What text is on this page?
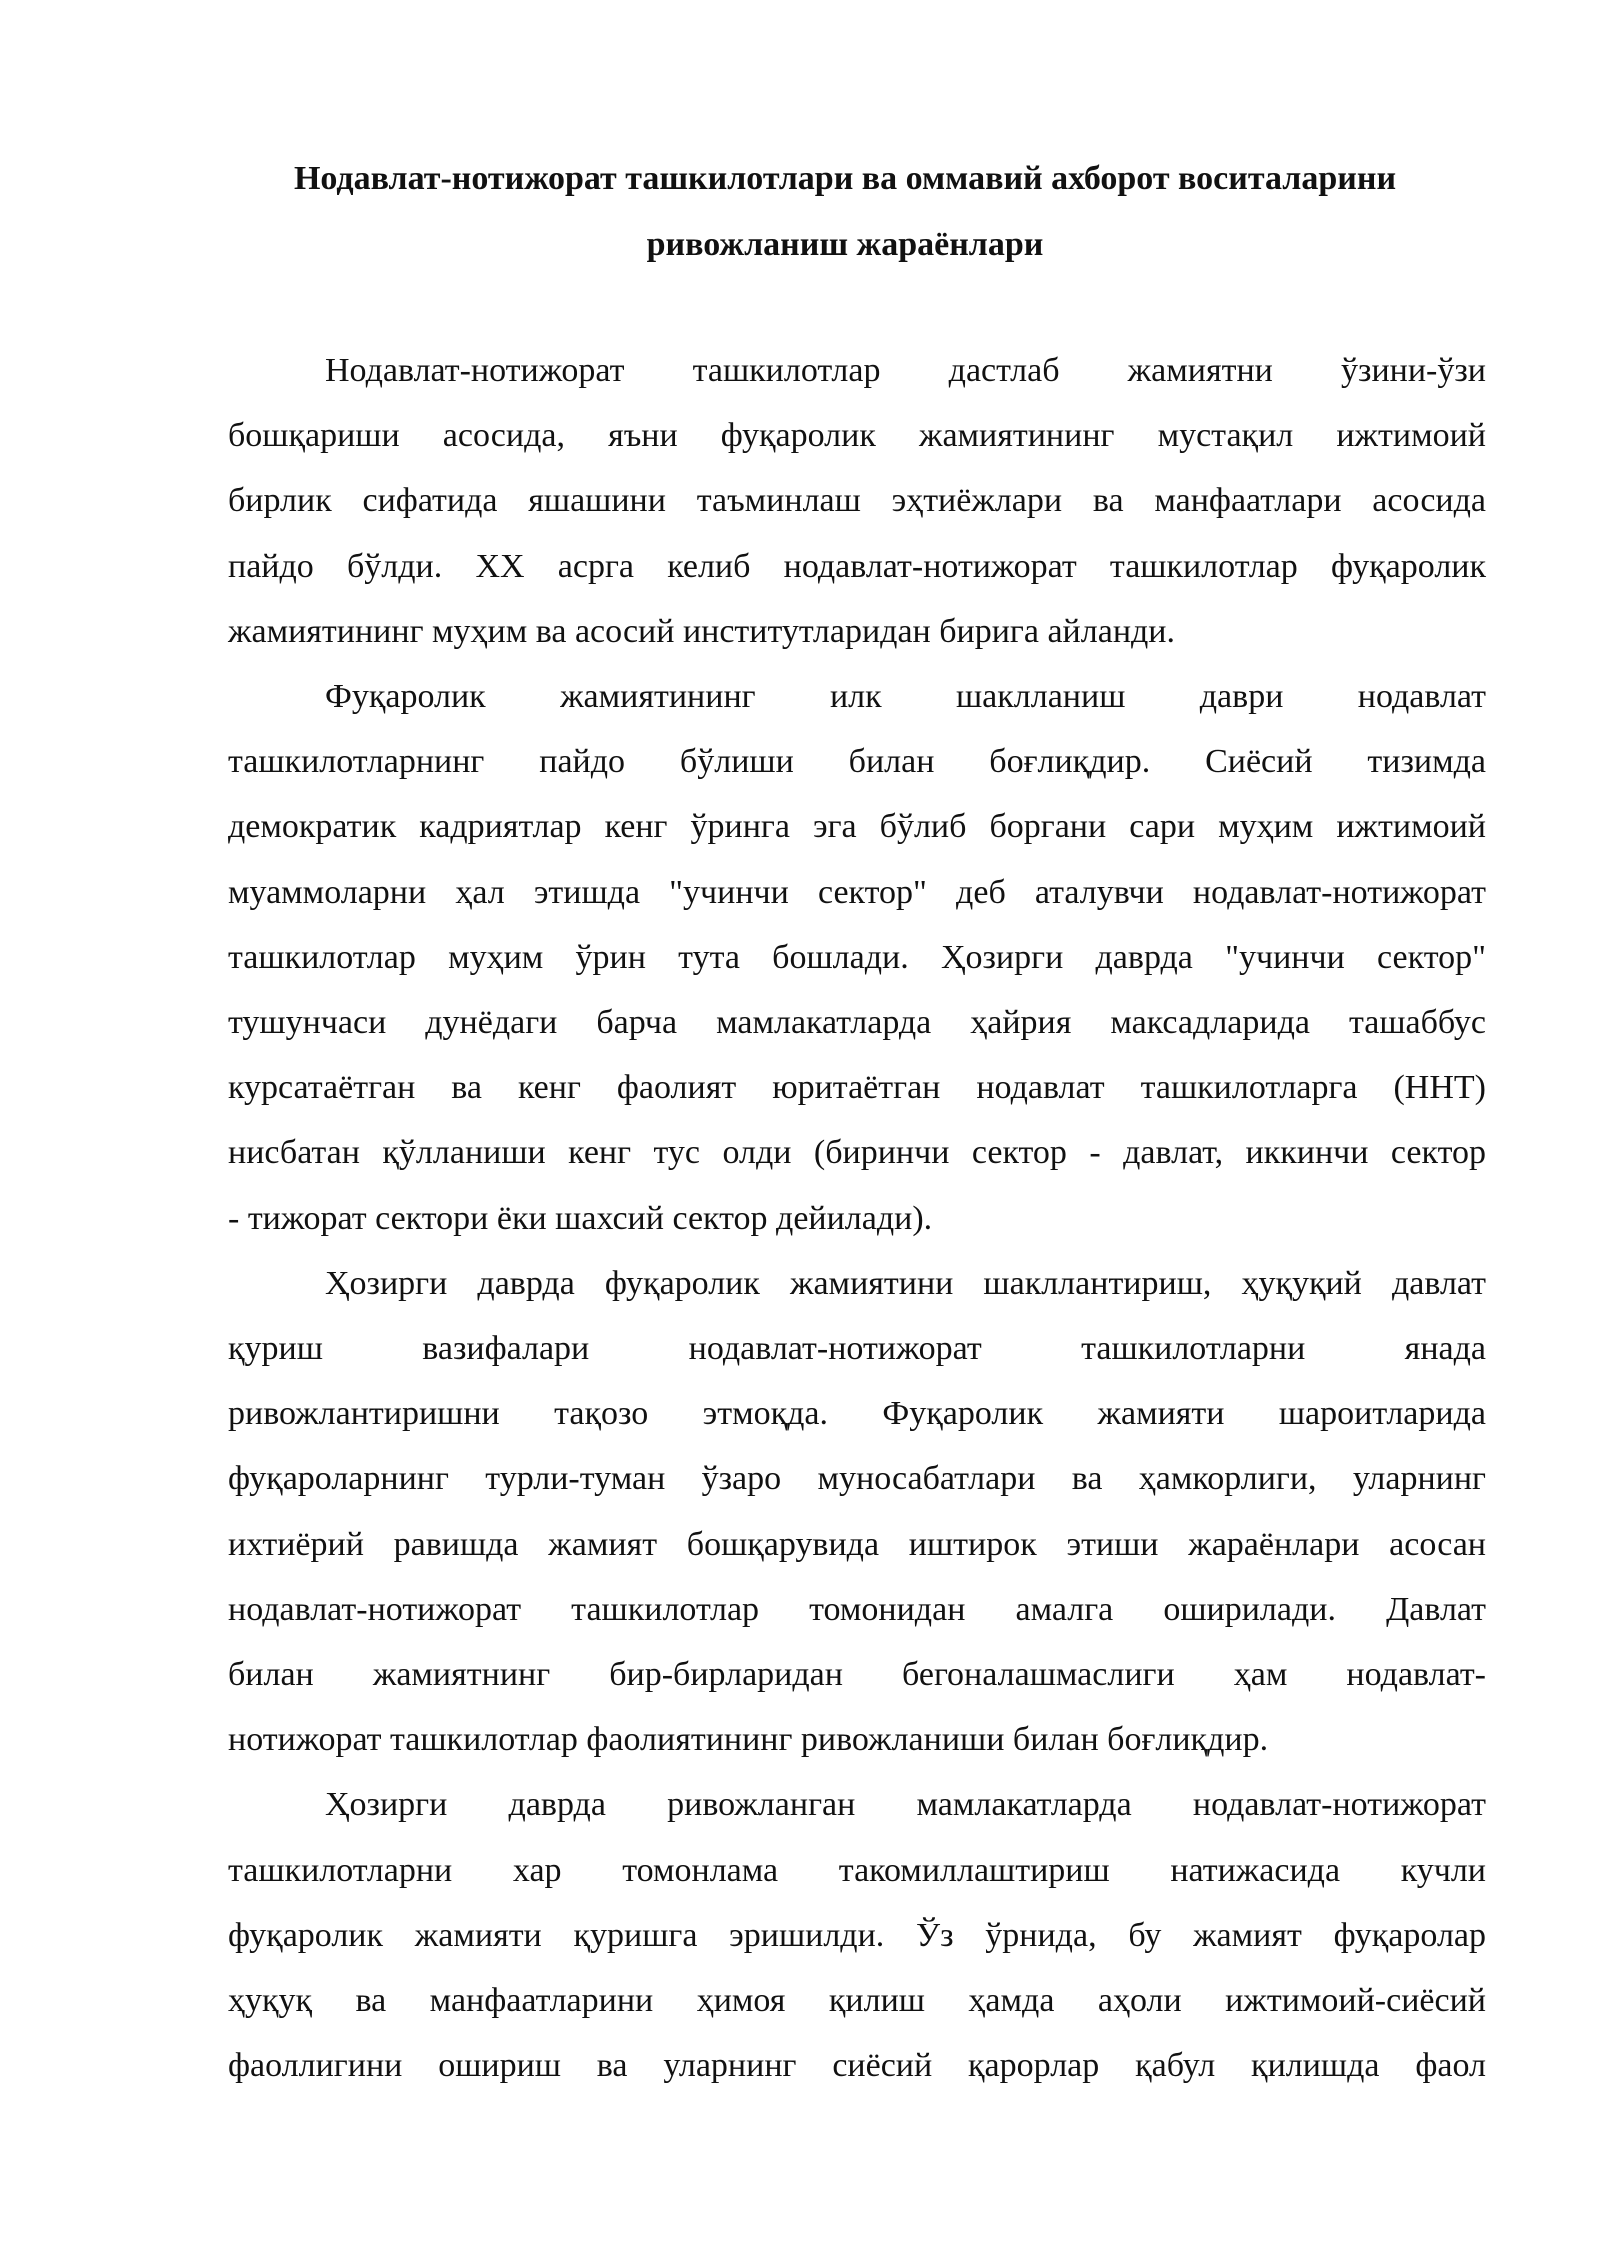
Нодавлат-нотижорат ташкилотлари ва оммавий ахборот воситаларини
ривожланиш жараёнлари

Нодавлат-нотижорат ташкилотлар дастлаб жамиятни ўзини-ўзи
бошқариши асосида, яъни фуқаролик жамиятининг мустақил ижтимоий
бирлик сифатида яшашини таъминлаш эҳтиёжлари ва манфаатлари асосида
пайдо бўлди. XX асрга келиб нодавлат-нотижорат ташкилотлар фуқаролик
жамиятининг муҳим ва асосий институтларидан бирига айланди.

Фуқаролик жамиятининг илк шаклланиш даври нодавлат
ташкилотларнинг пайдо бўлиши билан боғлиқдир. Сиёсий тизимда
демократик кадриятлар кенг ўринга эга бўлиб боргани сари муҳим ижтимоий
муаммоларни ҳал этишда "учинчи сектор" деб аталувчи нодавлат-нотижорат
ташкилотлар муҳим ўрин тута бошлади. Ҳозирги даврда "учинчи сектор"
тушунчаси дунёдаги барча мамлакатларда ҳайрия максадларида ташаббус
курсатаётган ва кенг фаолият юритаётган нодавлат ташкилотларга (ННТ)
нисбатан қўлланиши кенг тус олди (биринчи сектор - давлат, иккинчи сектор
- тижорат сектори ёки шахсий сектор дейилади).

Ҳозирги даврда фуқаролик жамиятини шакллантириш, ҳуқуқий давлат
қуриш вазифалари нодавлат-нотижорат ташкилотларни янада
ривожлантиришни тақозо этмоқда. Фуқаролик жамияти шароитларида
фуқароларнинг турли-туман ўзаро муносабатлари ва ҳамкорлиги, уларнинг
ихтиёрий равишда жамият бошқарувида иштирок этиши жараёнлари асосан
нодавлат-нотижорат ташкилотлар томонидан амалга оширилади. Давлат
билан жамиятнинг бир-бирларидан бегоналашмаслиги ҳам нодавлат-
нотижорат ташкилотлар фаолиятининг ривожланиши билан боғлиқдир.

Ҳозирги даврда ривожланган мамлакатларда нодавлат-нотижорат
ташкилотларни хар томонлама такомиллаштириш натижасида кучли
фуқаролик жамияти қуришга эришилди. Ўз ўрнида, бу жамият фуқаролар
ҳуқуқ ва манфаатларини ҳимоя қилиш ҳамда аҳоли ижтимоий-сиёсий
фаоллигини ошириш ва уларнинг сиёсий қарорлар қабул қилишда фаол
